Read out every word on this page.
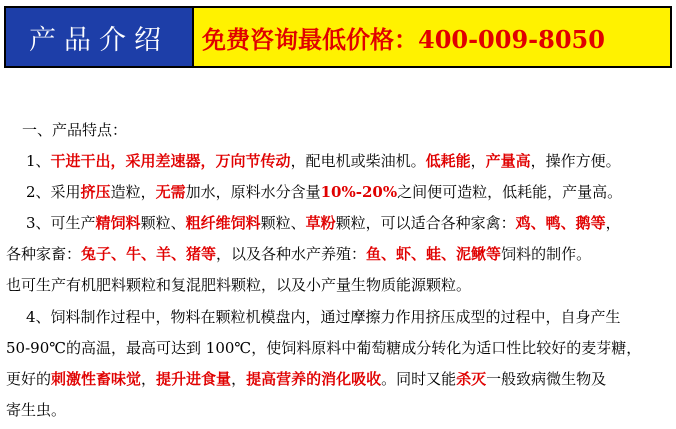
产品介绍	免费咨询最低价格：400-009-8050
一、产品特点：
1、干进干出，采用差速器，万向节传动，配电机或柴油机。低耗能，产量高，操作方便。
2、采用挤压造粒，无需加水，原料水分含量10%-20%之间便可造粒，低耗能，产量高。
3、可生产精饲料颗粒、粗纤维饲料颗粒、草粉颗粒，可以适合各种家禽：鸡、鸭、鹅等，
各种家畜：兔子、牛、羊、猪等，以及各种水产养殖：鱼、虾、蛙、泥鳅等饲料的制作。
也可生产有机肥料颗粒和复混肥料颗粒，以及小产量生物质能源颗粒。
4、饲料制作过程中，物料在颗粒机模盘内，通过摩擦力作用挤压成型的过程中，自身产生
50-90℃的高温，最高可达到 100℃，使饲料原料中葡萄糖成分转化为适口性比较好的麦芽糖，
更好的刺激性畜味觉，提升进食量，提高营养的消化吸收。同时又能杀灭一般致病微生物及
寄生虫。
